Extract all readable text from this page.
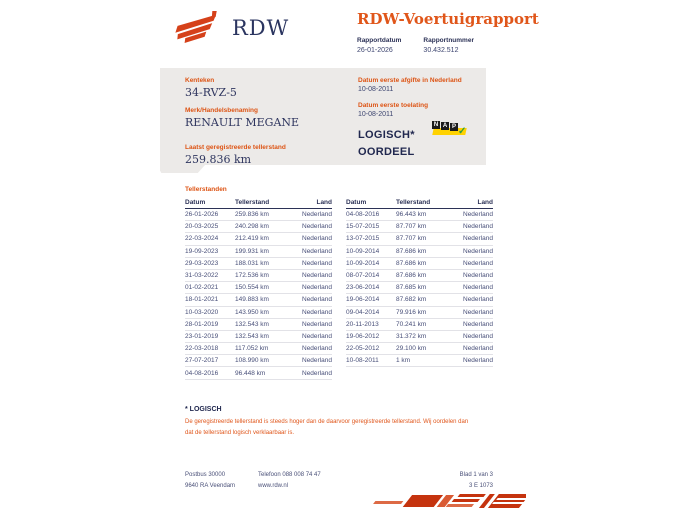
RDW	RDW-Voertuigrapport
Rapportdatum
26-01-2026
Rapportnummer
30.432.512
Kenteken
34-RVZ-5
Merk/Handelsbenaming
RENAULT MEGANE
Laatst geregistreerde tellerstand
259.836 km
Datum eerste afgifte in Nederland
10-08-2011
Datum eerste toelating
10-08-2011
LOGISCH*
OORDEEL
N A P ✓
Tellerstanden
Datum	Tellerstand	Land
26-01-2026	259.836 km	Nederland
20-03-2025	240.298 km	Nederland
22-03-2024	212.419 km	Nederland
19-09-2023	199.931 km	Nederland
29-03-2023	188.031 km	Nederland
31-03-2022	172.536 km	Nederland
01-02-2021	150.554 km	Nederland
18-01-2021	149.883 km	Nederland
10-03-2020	143.950 km	Nederland
28-01-2019	132.543 km	Nederland
23-01-2019	132.543 km	Nederland
22-03-2018	117.052 km	Nederland
27-07-2017	108.990 km	Nederland
04-08-2016	96.448 km	Nederland
Datum	Tellerstand	Land
04-08-2016	96.443 km	Nederland
15-07-2015	87.707 km	Nederland
13-07-2015	87.707 km	Nederland
10-09-2014	87.686 km	Nederland
10-09-2014	87.686 km	Nederland
08-07-2014	87.686 km	Nederland
23-06-2014	87.685 km	Nederland
19-06-2014	87.682 km	Nederland
09-04-2014	79.916 km	Nederland
20-11-2013	70.241 km	Nederland
19-06-2012	31.372 km	Nederland
22-05-2012	29.100 km	Nederland
10-08-2011	1 km	Nederland
* LOGISCH
De geregistreerde tellerstand is steeds hoger dan de daarvoor geregistreerde tellerstand. Wij oordelen dan dat de tellerstand logisch verklaarbaar is.
Postbus 30000
9640 RA Veendam
Telefoon 088 008 74 47
www.rdw.nl
Blad 1 van 3
3 E 1073
